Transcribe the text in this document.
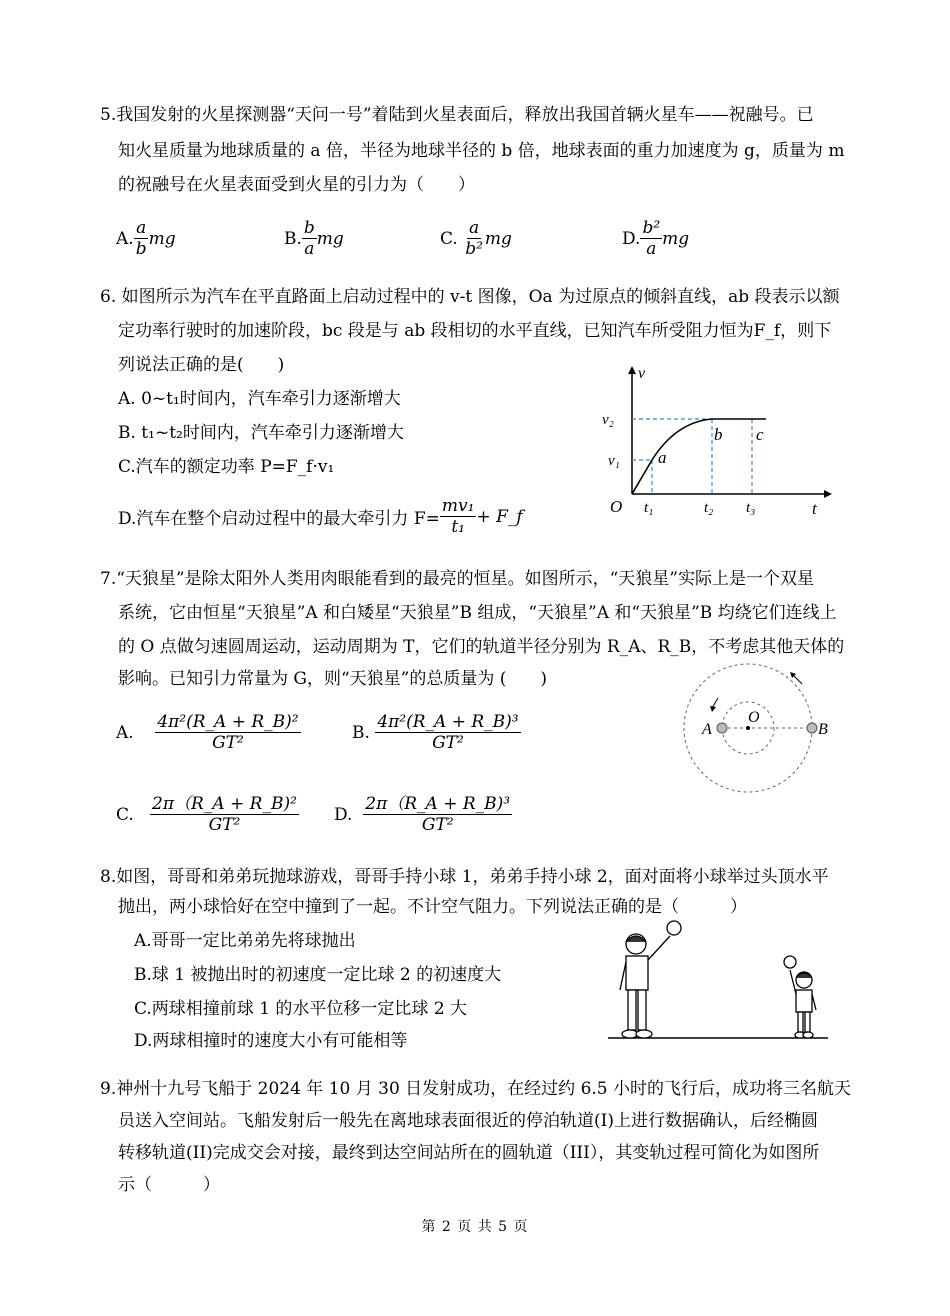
5.我国发射的火星探测器“天问一号”着陆到火星表面后，释放出我国首辆火星车——祝融号。已
知火星质量为地球质量的 a 倍，半径为地球半径的 b 倍，地球表面的重力加速度为 g，质量为 m
的祝融号在火星表面受到火星的引力为（　　）
A. $\frac{a}{b}$ mg	B. $\frac{b}{a}$ mg	C.
$\frac{a}{\text{b²}}$ mg	D. $\frac{\text{b²}}{a}$ mg
6. 如图所示为汽车在平直路面上启动过程中的 v-t 图像，Oa 为过原点的倾斜直线，ab 段表示以额
定功率行驶时的加速阶段，bc 段是与 ab 段相切的水平直线，已知汽车所受阻力恒为F_f，则下
列说法正确的是(　　)
A. 0~t₁时间内，汽车牵引力逐渐增大
B. t₁~t₂时间内，汽车牵引力逐渐增大
C.汽车的额定功率 P=F_f·v₁
D.汽车在整个启动过程中的最大牵引力 $F= \frac{\text{mv₁}}{\text{t₁}}$ + F_f
v
t
O
v₂
v₁ a
b c
t₁	t₂ t₃
7.“天狼星”是除太阳外人类用肉眼能看到的最亮的恒星。如图所示，“天狼星”实际上是一个双星
系统，它由恒星“天狼星”A 和白矮星“天狼星”B 组成，“天狼星”A 和“天狼星”B 均绕它们连线上
的 O 点做匀速圆周运动，运动周期为 T，它们的轨道半径分别为 R_A、R_B，不考虑其他天体的
影响。已知引力常量为 G，则“天狼星”的总质量为 (　　)
A.
$\frac{\text{4π²(R\_A + R\_B)²}}{\text{GT²}}$	B.
$\frac{\text{4π²(R\_A + R\_B)³}}{\text{GT²}}$
C.
$\frac{\text{2π（R\_A + R\_B)²}}{\text{GT²}} D$.
$\frac{\text{2π（R\_A + R\_B)³}}{\text{GT²}}$
A
O
B
8.如图，哥哥和弟弟玩抛球游戏，哥哥手持小球 1，弟弟手持小球 2，面对面将小球举过头顶水平
抛出，两小球恰好在空中撞到了一起。不计空气阻力。下列说法正确的是（　　　）
A.哥哥一定比弟弟先将球抛出
B.球 1 被抛出时的初速度一定比球 2 的初速度大
C.两球相撞前球 1 的水平位移一定比球 2 大
D.两球相撞时的速度大小有可能相等
9.神州十九号飞船于 2024 年 10 月 30 日发射成功，在经过约 6.5 小时的飞行后，成功将三名航天
员送入空间站。飞船发射后一般先在离地球表面很近的停泊轨道(I)上进行数据确认，后经椭圆
转移轨道(II)完成交会对接，最终到达空间站所在的圆轨道（III），其变轨过程可简化为如图所
示（　　　）
第 2 页 共 5 页
